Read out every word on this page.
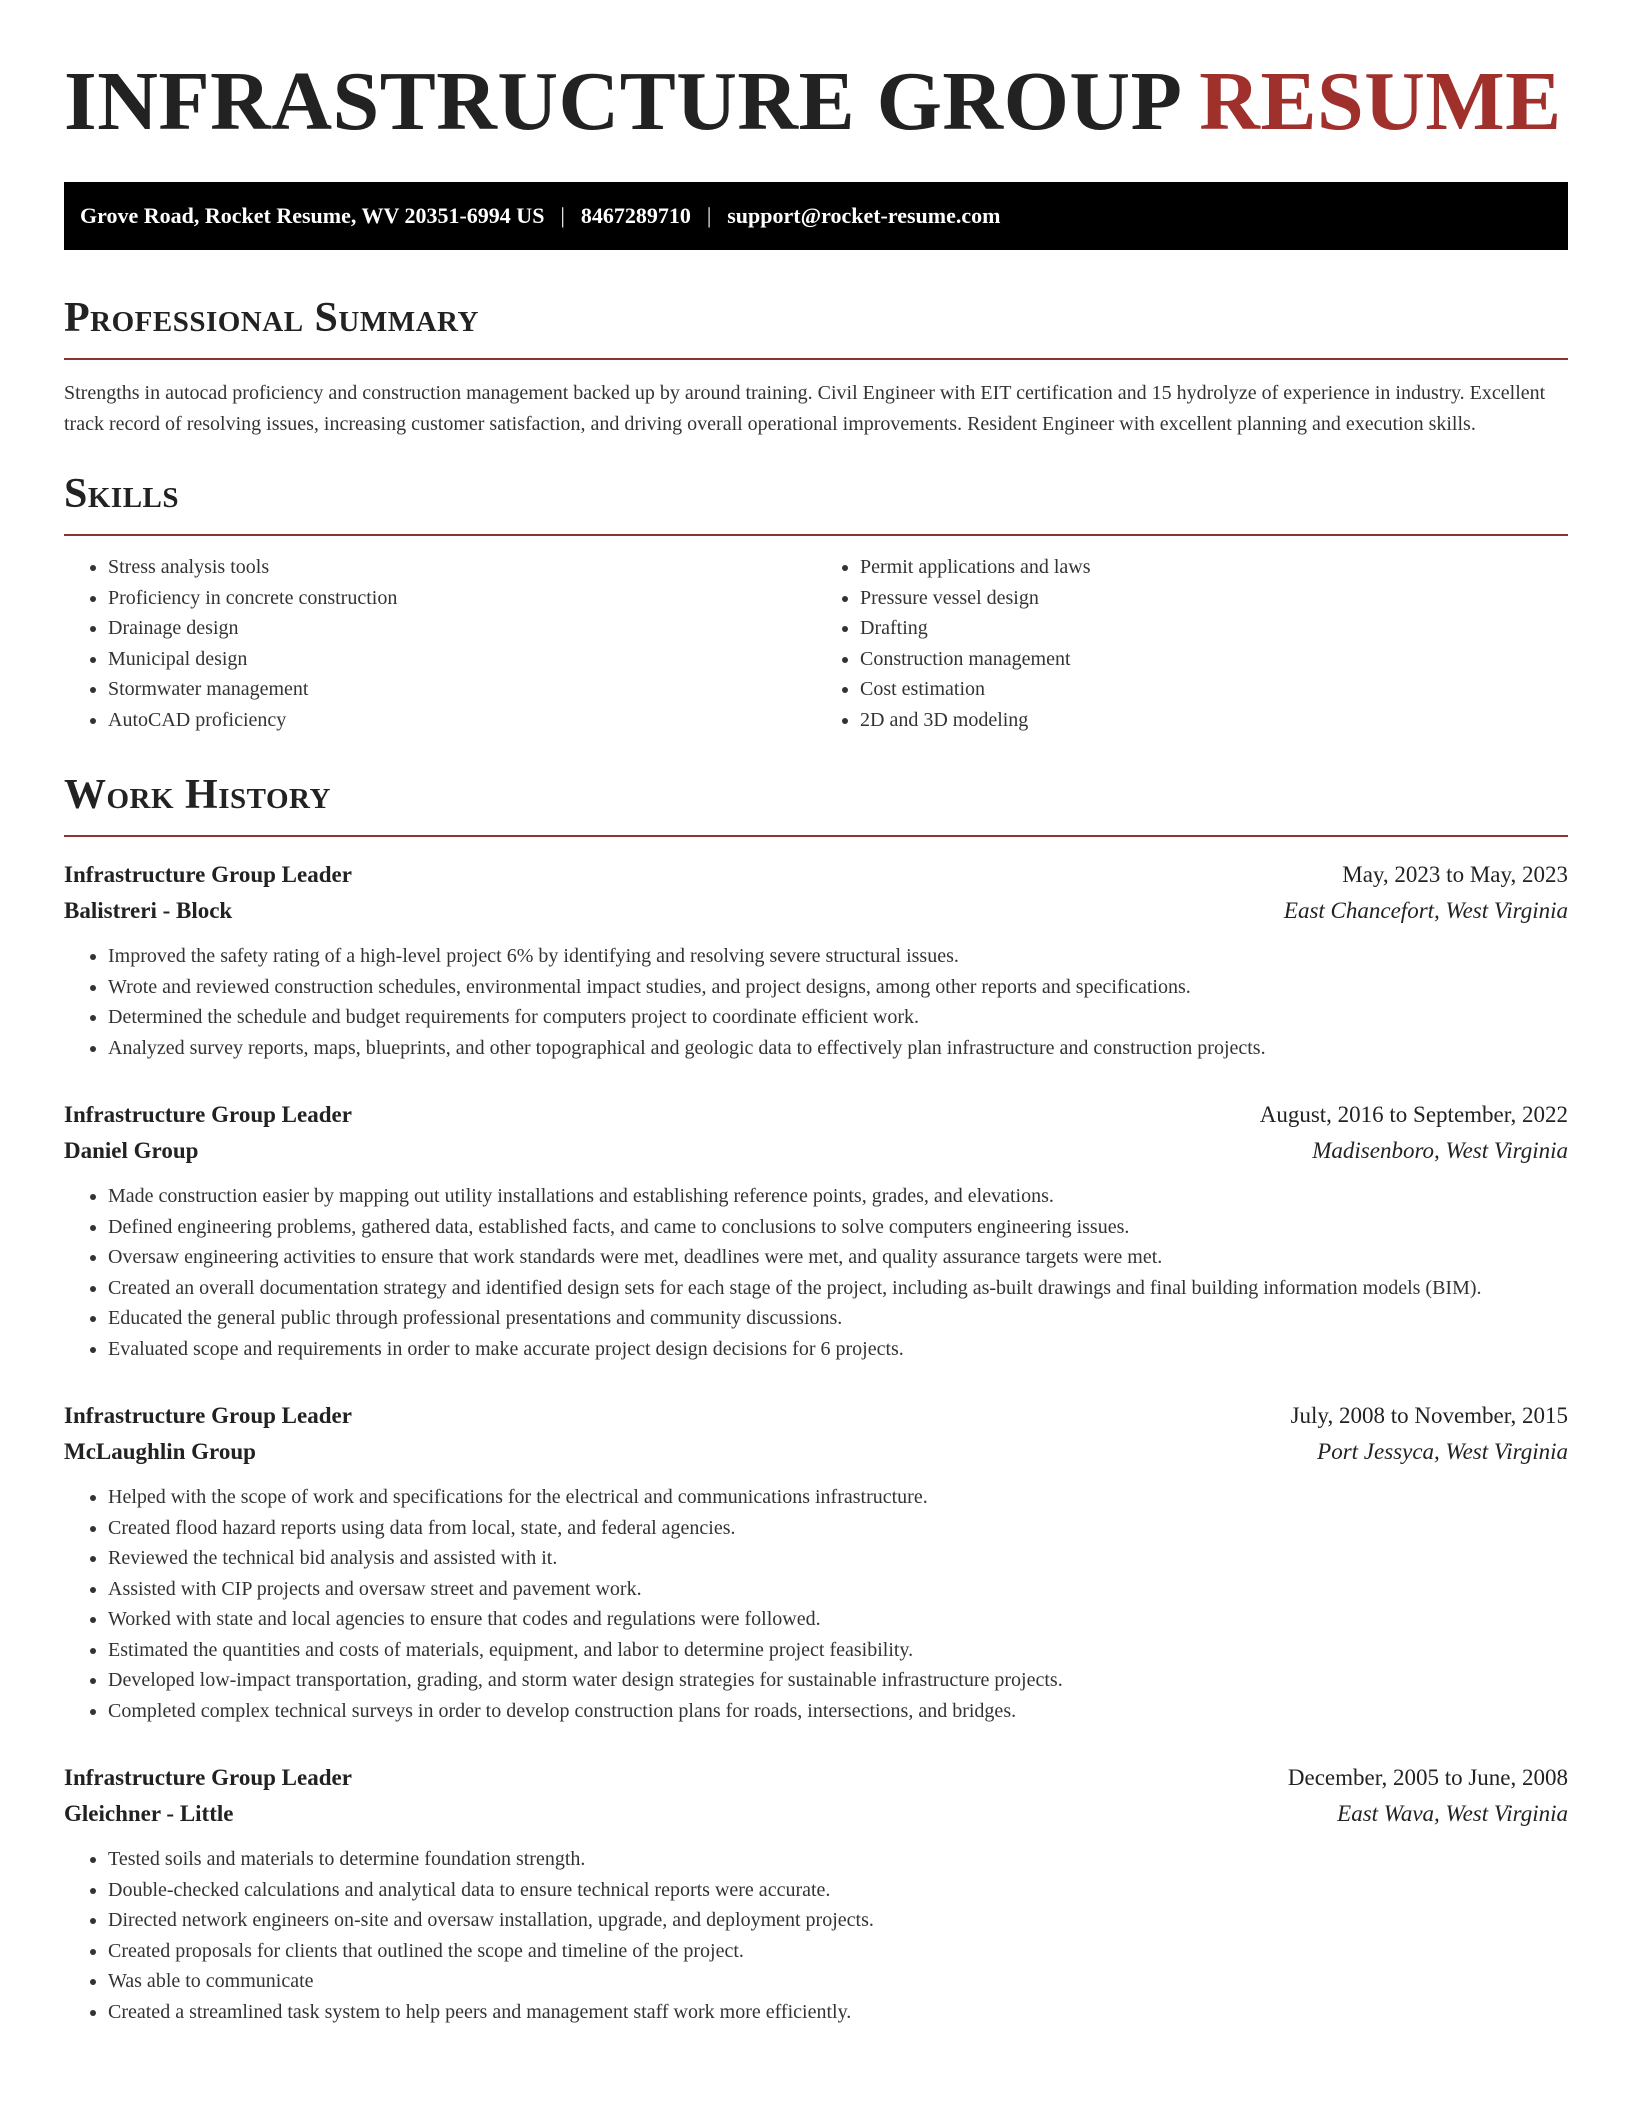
INFRASTRUCTURE GROUP RESUME
Grove Road, Rocket Resume, WV 20351-6994 US | 8467289710 | support@rocket-resume.com
Professional Summary

Strengths in autocad proficiency and construction management backed up by around training. Civil Engineer with EIT certification and 15 hydrolyze of experience in industry. Excellent track record of resolving issues, increasing customer satisfaction, and driving overall operational improvements. Resident Engineer with excellent planning and execution skills.

Skills
• Stress analysis tools
• Proficiency in concrete construction
• Drainage design
• Municipal design
• Stormwater management
• AutoCAD proficiency
• Permit applications and laws
• Pressure vessel design
• Drafting
• Construction management
• Cost estimation
• 2D and 3D modeling
Work History
Infrastructure Group Leader	May, 2023 to May, 2023
Balistreri - Block	East Chancefort, West Virginia
• Improved the safety rating of a high-level project 6% by identifying and resolving severe structural issues.
• Wrote and reviewed construction schedules, environmental impact studies, and project designs, among other reports and specifications.
• Determined the schedule and budget requirements for computers project to coordinate efficient work.
• Analyzed survey reports, maps, blueprints, and other topographical and geologic data to effectively plan infrastructure and construction projects.
Infrastructure Group Leader	August, 2016 to September, 2022
Daniel Group	Madisenboro, West Virginia
• Made construction easier by mapping out utility installations and establishing reference points, grades, and elevations.
• Defined engineering problems, gathered data, established facts, and came to conclusions to solve computers engineering issues.
• Oversaw engineering activities to ensure that work standards were met, deadlines were met, and quality assurance targets were met.
• Created an overall documentation strategy and identified design sets for each stage of the project, including as-built drawings and final building information models (BIM).
• Educated the general public through professional presentations and community discussions.
• Evaluated scope and requirements in order to make accurate project design decisions for 6 projects.
Infrastructure Group Leader	July, 2008 to November, 2015
McLaughlin Group	Port Jessyca, West Virginia
• Helped with the scope of work and specifications for the electrical and communications infrastructure.
• Created flood hazard reports using data from local, state, and federal agencies.
• Reviewed the technical bid analysis and assisted with it.
• Assisted with CIP projects and oversaw street and pavement work.
• Worked with state and local agencies to ensure that codes and regulations were followed.
• Estimated the quantities and costs of materials, equipment, and labor to determine project feasibility.
• Developed low-impact transportation, grading, and storm water design strategies for sustainable infrastructure projects.
• Completed complex technical surveys in order to develop construction plans for roads, intersections, and bridges.
Infrastructure Group Leader	December, 2005 to June, 2008
Gleichner - Little	East Wava, West Virginia
• Tested soils and materials to determine foundation strength.
• Double-checked calculations and analytical data to ensure technical reports were accurate.
• Directed network engineers on-site and oversaw installation, upgrade, and deployment projects.
• Created proposals for clients that outlined the scope and timeline of the project.
• Was able to communicate
• Created a streamlined task system to help peers and management staff work more efficiently.
